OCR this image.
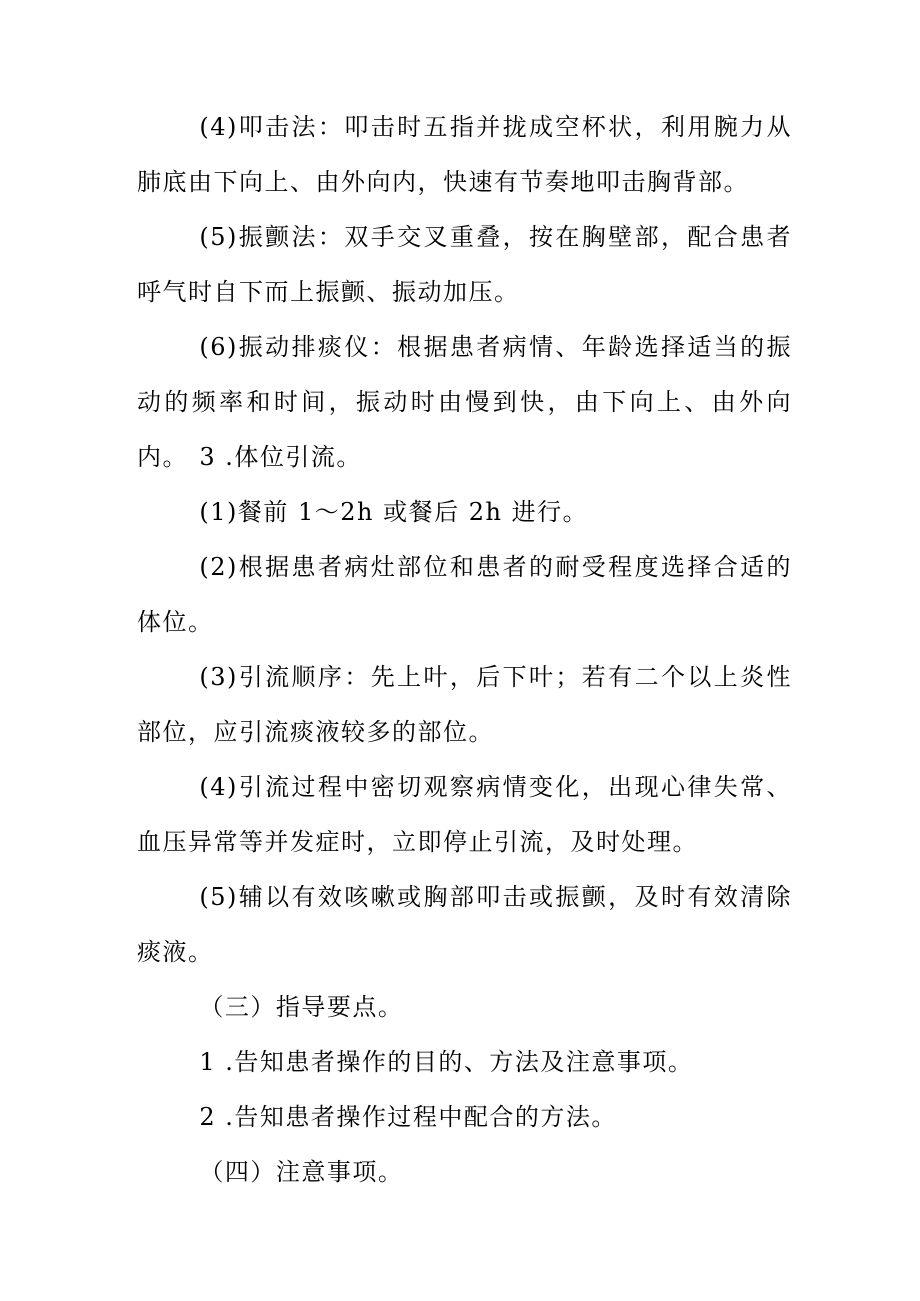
(4)叩击法：叩击时五指并拢成空杯状，利用腕力从肺底由下向上、由外向内，快速有节奏地叩击胸背部。

(5)振颤法：双手交叉重叠，按在胸壁部，配合患者呼气时自下而上振颤、振动加压。

(6)振动排痰仪：根据患者病情、年龄选择适当的振动的频率和时间，振动时由慢到快，由下向上、由外向内。 3 .体位引流。

(1)餐前 1～2h 或餐后 2h 进行。

(2)根据患者病灶部位和患者的耐受程度选择合适的体位。

(3)引流顺序：先上叶，后下叶；若有二个以上炎性部位，应引流痰液较多的部位。

(4)引流过程中密切观察病情变化，出现心律失常、血压异常等并发症时，立即停止引流，及时处理。

(5)辅以有效咳嗽或胸部叩击或振颤，及时有效清除痰液。

（三）指导要点。

1 .告知患者操作的目的、方法及注意事项。

2 .告知患者操作过程中配合的方法。

（四）注意事项。
